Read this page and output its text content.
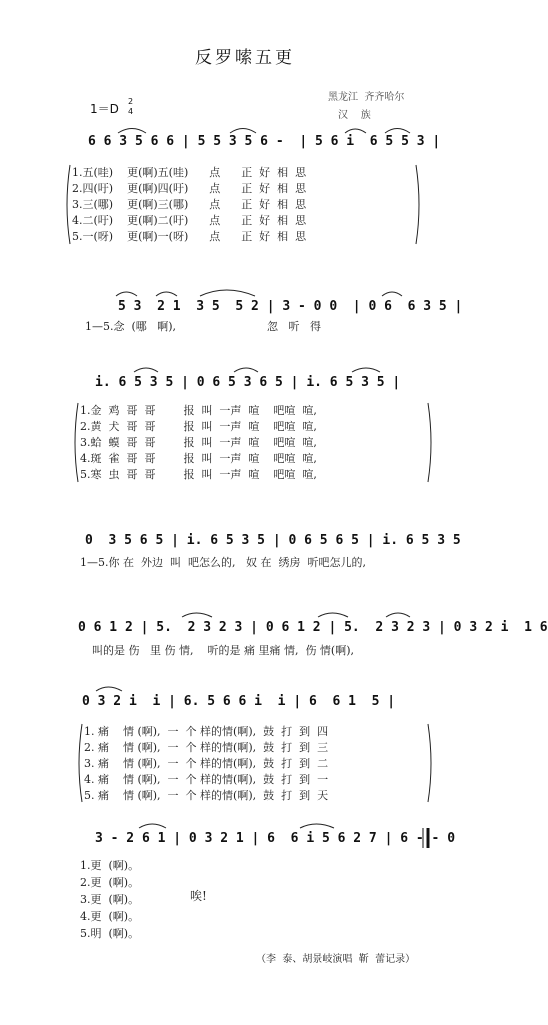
反罗嗦五更
黑龙江  齐齐哈尔
汉    族
1＝D
2
4
6 6 3 5 6 6 | 5 5 3 5 6 -  | 5 6 i  6 5 5 3 |
1.五(哇)    更(啊)五(哇)      点      正  好  相  思
2.四(吁)    更(啊)四(吁)      点      正  好  相  思
3.三(哪)    更(啊)三(哪)      点      正  好  相  思
4.二(吁)    更(啊)二(吁)      点      正  好  相  思
5.一(呀)    更(啊)一(呀)      点      正  好  相  思
5 3  2 1  3 5  5 2 | 3 - 0 0  | 0 6  6 3 5 |
1—5.念  (哪   啊),                          忽   听   得
i. 6 5 3 5 | 0 6 5 3 6 5 | i. 6 5 3 5 |
1.金  鸡  哥  哥        报  叫  一声  喧    吧喧  喧,
2.黄  犬  哥  哥        报  叫  一声  喧    吧喧  喧,
3.蛤  蟆  哥  哥        报  叫  一声  喧    吧喧  喧,
4.斑  雀  哥  哥        报  叫  一声  喧    吧喧  喧,
5.寒  虫  哥  哥        报  叫  一声  喧    吧喧  喧,
0  3 5 6 5 | i. 6 5 3 5 | 0 6 5 6 5 | i. 6 5 3 5
1—5.你 在  外边  叫  吧怎么的,   奴 在  绣房  听吧怎儿的,
0 6 1 2 | 5.  2 3 2 3 | 0 6 1 2 | 5.  2 3 2 3 | 0 3 2 i  1 6
叫的是 伤   里 伤 情,    听的是 痛 里痛 情,  伤 情(啊),
0 3 2 i  i | 6. 5 6 6 i  i | 6  6 1  5 |
1. 痛    情 (啊),  一  个 样的情(啊),  鼓  打  到  四
2. 痛    情 (啊),  一  个 样的情(啊),  鼓  打  到  三
3. 痛    情 (啊),  一  个 样的情(啊),  鼓  打  到  二
4. 痛    情 (啊),  一  个 样的情(啊),  鼓  打  到  一
5. 痛    情 (啊),  一  个 样的情(啊),  鼓  打  到  天
3 - 2 6 1 | 0 3 2 1 | 6  6 i 5 6 2 7 | 6 - - 0
1.更  (啊)。
2.更  (啊)。
3.更  (啊)。
4.更  (啊)。
5.明  (啊)。
唉!
（李  泰、胡景岐演唱  靳  蕾记录）
